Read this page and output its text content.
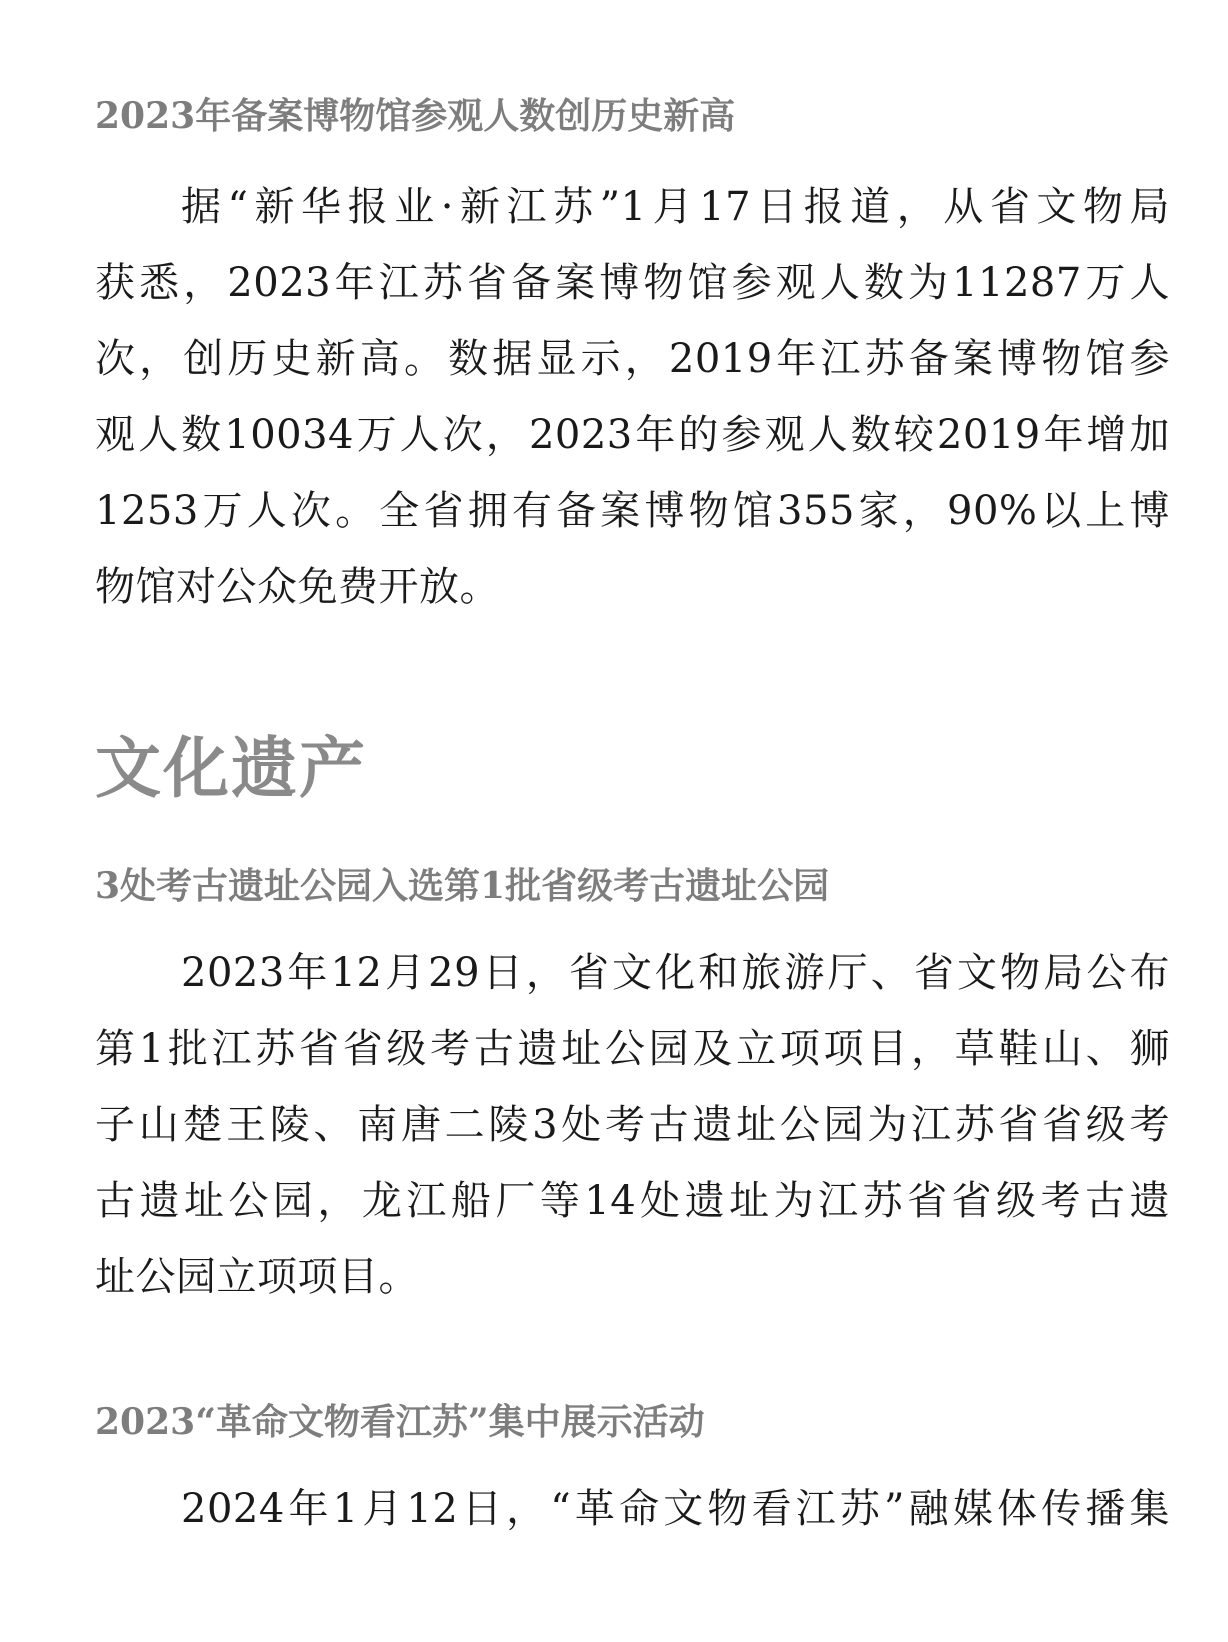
2023年备案博物馆参观人数创历史新高
据“新华报业·新江苏”1月17日报道，从省文物局
获悉，2023年江苏省备案博物馆参观人数为11287万人
次，创历史新高。数据显示，2019年江苏备案博物馆参
观人数10034万人次，2023年的参观人数较2019年增加
1253万人次。全省拥有备案博物馆355家，90%以上博
物馆对公众免费开放。
文化遗产
3处考古遗址公园入选第1批省级考古遗址公园
2023年12月29日，省文化和旅游厅、省文物局公布
第1批江苏省省级考古遗址公园及立项项目，草鞋山、狮
子山楚王陵、南唐二陵3处考古遗址公园为江苏省省级考
古遗址公园，龙江船厂等14处遗址为江苏省省级考古遗
址公园立项项目。
2023“革命文物看江苏”集中展示活动
2024年1月12日，“革命文物看江苏”融媒体传播集
